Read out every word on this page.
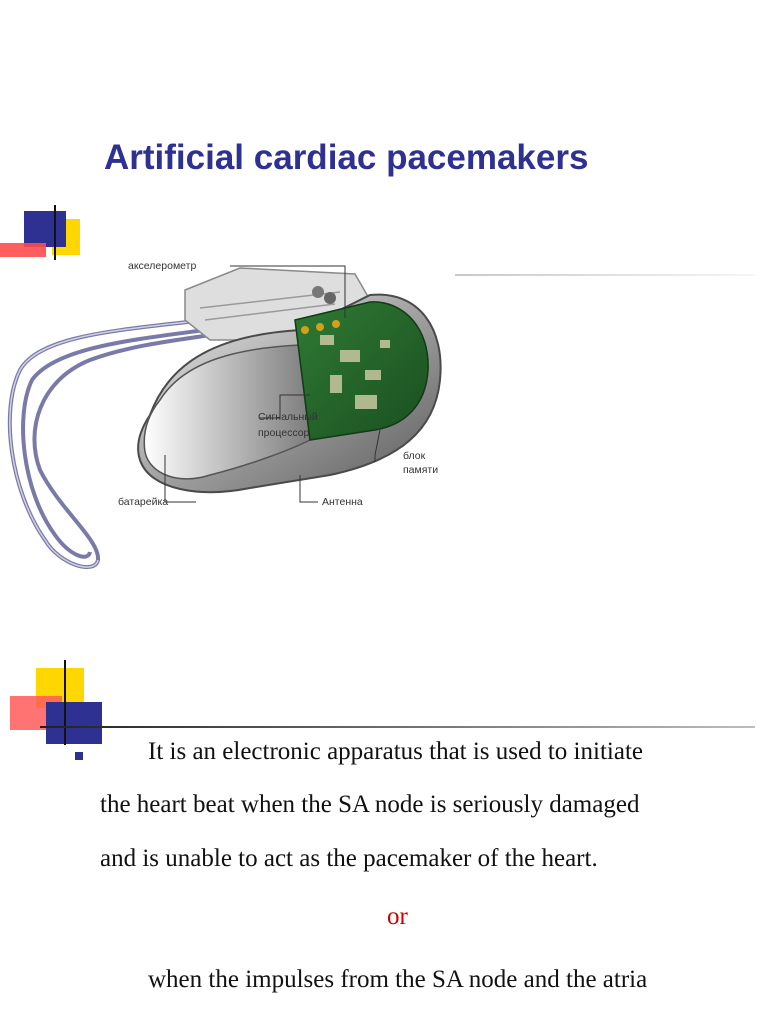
Artificial cardiac pacemakers
акселерометр
Сигнальный
процессор
блок
памяти
батарейка	Антенна

It is an electronic apparatus that is used to initiate

the heart beat when the SA node is seriously damaged

and is unable to act as the pacemaker of the heart.

or

when the impulses from the SA node and the atria
